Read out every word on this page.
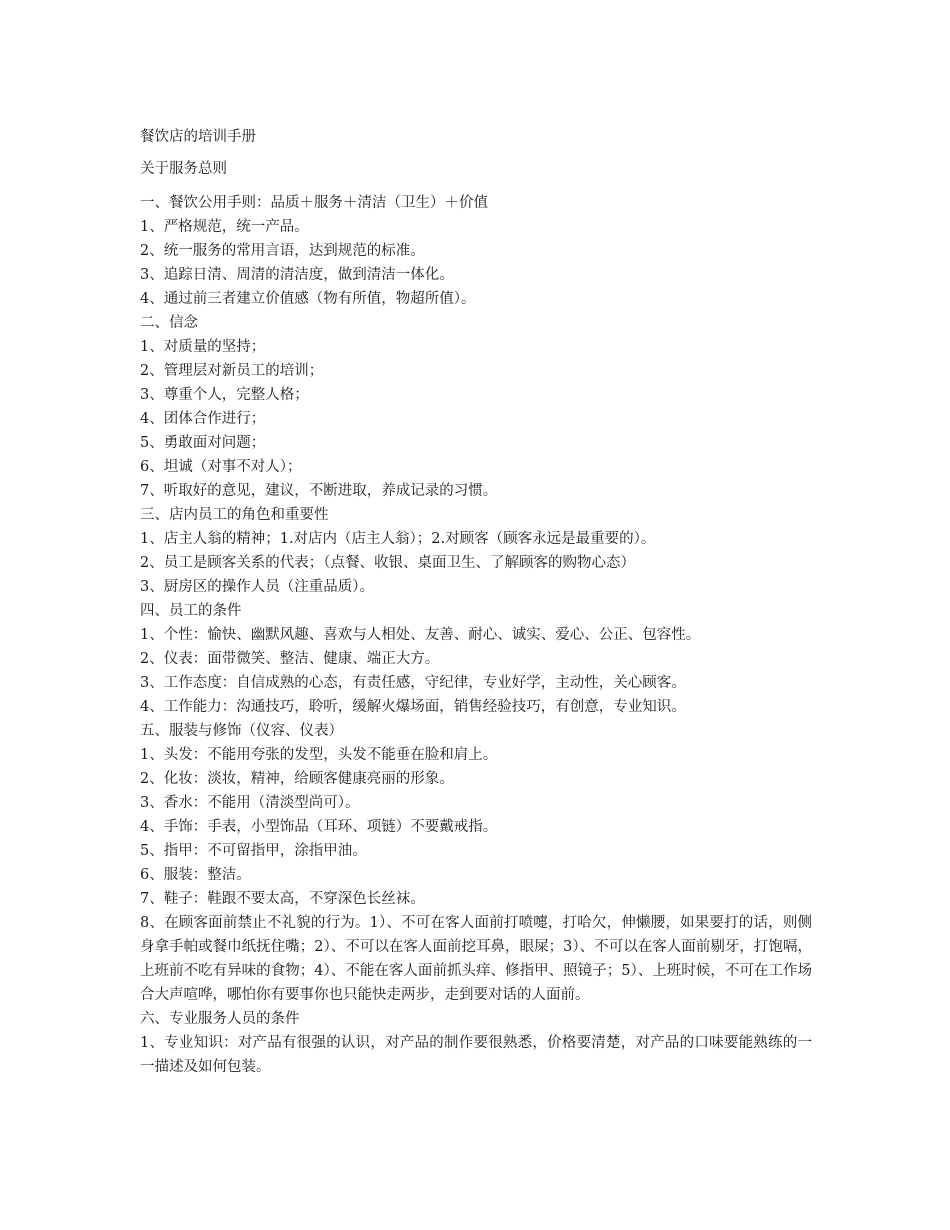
餐饮店的培训手册
关于服务总则

一、餐饮公用手则：品质＋服务＋清洁（卫生）＋价值

1、严格规范，统一产品。

2、统一服务的常用言语，达到规范的标准。

3、追踪日清、周清的清洁度，做到清洁一体化。

4、通过前三者建立价值感（物有所值，物超所值）。

二、信念

1、对质量的坚持；

2、管理层对新员工的培训；

3、尊重个人，完整人格；

4、团体合作进行；

5、勇敢面对问题；

6、坦诚（对事不对人）；

7、听取好的意见，建议，不断进取，养成记录的习惯。

三、店内员工的角色和重要性

1、店主人翁的精神；1.对店内（店主人翁）；2.对顾客（顾客永远是最重要的）。

2、员工是顾客关系的代表；（点餐、收银、桌面卫生、了解顾客的购物心态）

3、厨房区的操作人员（注重品质）。

四、员工的条件

1、个性：愉快、幽默风趣、喜欢与人相处、友善、耐心、诚实、爱心、公正、包容性。

2、仪表：面带微笑、整洁、健康、端正大方。

3、工作态度：自信成熟的心态，有责任感，守纪律，专业好学，主动性，关心顾客。

4、工作能力：沟通技巧，聆听，缓解火爆场面，销售经验技巧，有创意，专业知识。

五、服装与修饰（仪容、仪表）

1、头发：不能用夸张的发型，头发不能垂在脸和肩上。

2、化妆：淡妆，精神，给顾客健康亮丽的形象。

3、香水：不能用（清淡型尚可）。

4、手饰：手表，小型饰品（耳环、项链）不要戴戒指。

5、指甲：不可留指甲，涂指甲油。

6、服装：整洁。

7、鞋子：鞋跟不要太高，不穿深色长丝袜。

8、在顾客面前禁止不礼貌的行为。1）、不可在客人面前打喷嚏，打哈欠，伸懒腰，如果要打的话，则侧身拿手帕或餐巾纸抚住嘴；2）、不可以在客人面前挖耳鼻，眼屎；3）、不可以在客人面前剔牙，打饱嗝，上班前不吃有异味的食物；4）、不能在客人面前抓头痒、修指甲、照镜子；5）、上班时候，不可在工作场合大声喧哗，哪怕你有要事你也只能快走两步，走到要对话的人面前。

六、专业服务人员的条件

1、专业知识：对产品有很强的认识，对产品的制作要很熟悉，价格要清楚，对产品的口味要能熟练的一一描述及如何包装。
